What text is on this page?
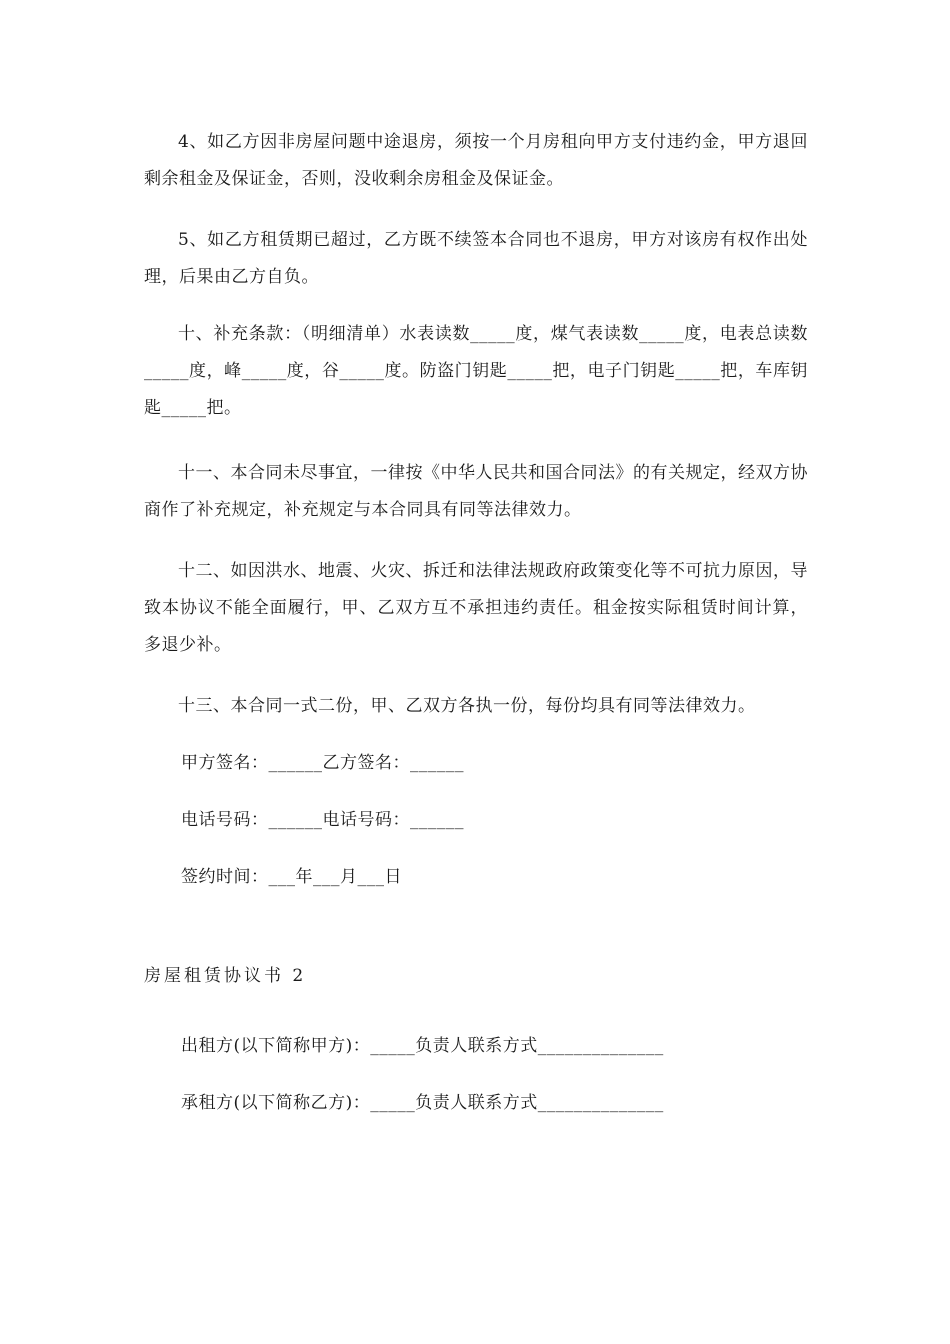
4、如乙方因非房屋问题中途退房，须按一个月房租向甲方支付违约金，甲方退回剩余租金及保证金，否则，没收剩余房租金及保证金。
5、如乙方租赁期已超过，乙方既不续签本合同也不退房，甲方对该房有权作出处理，后果由乙方自负。
十、补充条款：（明细清单）水表读数_____度，煤气表读数_____度，电表总读数_____度，峰_____度，谷_____度。防盗门钥匙_____把，电子门钥匙_____把，车库钥匙_____把。
十一、本合同未尽事宜，一律按《中华人民共和国合同法》的有关规定，经双方协商作了补充规定，补充规定与本合同具有同等法律效力。
十二、如因洪水、地震、火灾、拆迁和法律法规政府政策变化等不可抗力原因，导致本协议不能全面履行，甲、乙双方互不承担违约责任。租金按实际租赁时间计算，多退少补。
十三、本合同一式二份，甲、乙双方各执一份，每份均具有同等法律效力。
甲方签名：______乙方签名：______
电话号码：______电话号码：______
签约时间：___年___月___日
房屋租赁协议书 2
出租方(以下简称甲方)：_____负责人联系方式______________
承租方(以下简称乙方)：_____负责人联系方式______________
